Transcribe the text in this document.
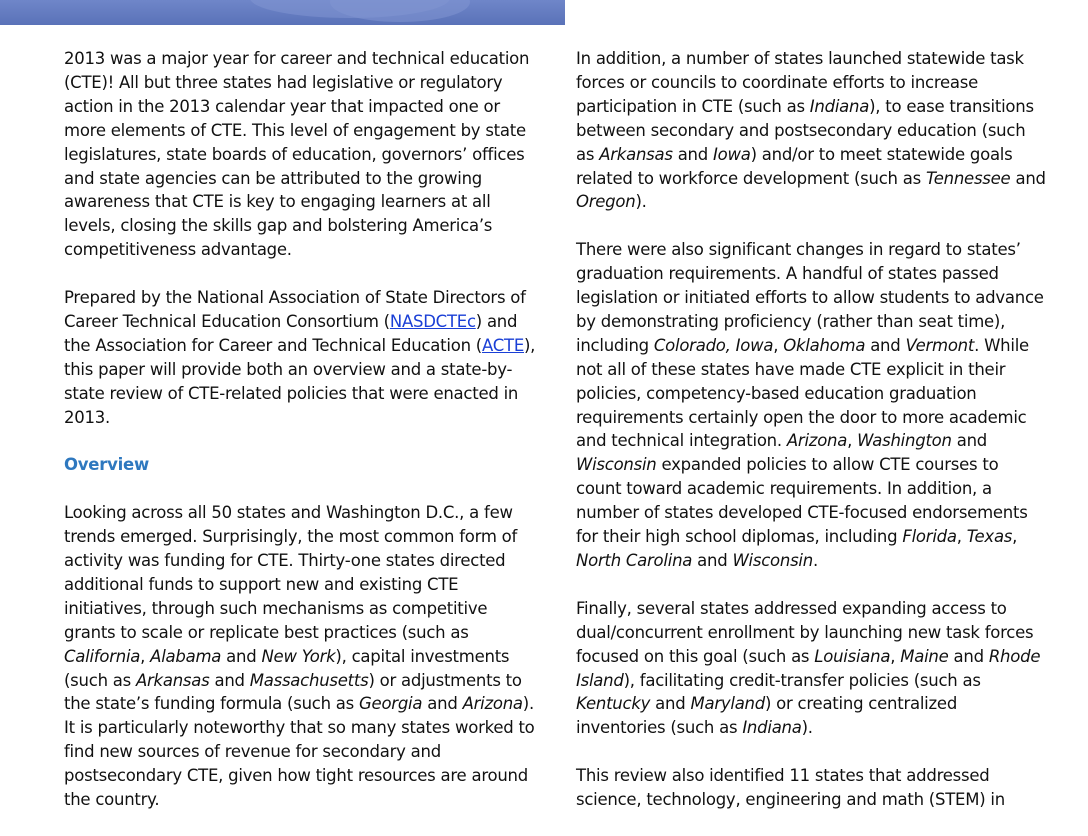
2013 was a major year for career and technical education (CTE)! All but three states had legislative or regulatory action in the 2013 calendar year that impacted one or more elements of CTE. This level of engagement by state legislatures, state boards of education, governors’ offices and state agencies can be attributed to the growing awareness that CTE is key to engaging learners at all levels, closing the skills gap and bolstering America’s competitiveness advantage.

Prepared by the National Association of State Directors of Career Technical Education Consortium (NASDCTEc) and the Association for Career and Technical Education (ACTE), this paper will provide both an overview and a state-by-state review of CTE-related policies that were enacted in 2013.

Overview

Looking across all 50 states and Washington D.C., a few trends emerged. Surprisingly, the most common form of activity was funding for CTE. Thirty-one states directed additional funds to support new and existing CTE initiatives, through such mechanisms as competitive grants to scale or replicate best practices (such as California, Alabama and New York), capital investments (such as Arkansas and Massachusetts) or adjustments to the state’s funding formula (such as Georgia and Arizona). It is particularly noteworthy that so many states worked to find new sources of revenue for secondary and postsecondary CTE, given how tight resources are around the country.

In addition, a number of states launched statewide task forces or councils to coordinate efforts to increase participation in CTE (such as Indiana), to ease transitions between secondary and postsecondary education (such as Arkansas and Iowa) and/or to meet statewide goals related to workforce development (such as Tennessee and Oregon).

There were also significant changes in regard to states’ graduation requirements. A handful of states passed legislation or initiated efforts to allow students to advance by demonstrating proficiency (rather than seat time), including Colorado, Iowa, Oklahoma and Vermont. While not all of these states have made CTE explicit in their policies, competency-based education graduation requirements certainly open the door to more academic and technical integration. Arizona, Washington and Wisconsin expanded policies to allow CTE courses to count toward academic requirements. In addition, a number of states developed CTE-focused endorsements for their high school diplomas, including Florida, Texas, North Carolina and Wisconsin.

Finally, several states addressed expanding access to dual/concurrent enrollment by launching new task forces focused on this goal (such as Louisiana, Maine and Rhode Island), facilitating credit-transfer policies (such as Kentucky and Maryland) or creating centralized inventories (such as Indiana).

This review also identified 11 states that addressed science, technology, engineering and math (STEM) in
